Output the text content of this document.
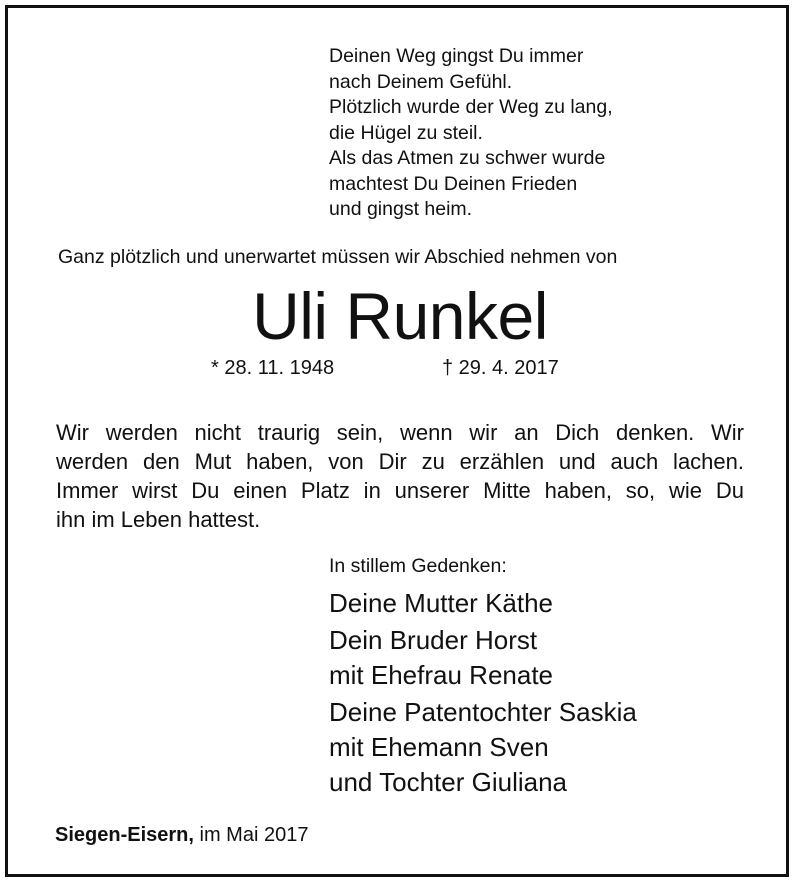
Deinen Weg gingst Du immer
nach Deinem Gefühl.
Plötzlich wurde der Weg zu lang,
die Hügel zu steil.
Als das Atmen zu schwer wurde
machtest Du Deinen Frieden
und gingst heim.
Ganz plötzlich und unerwartet müssen wir Abschied nehmen von
Uli Runkel
* 28. 11. 1948	† 29. 4. 2017
Wir werden nicht traurig sein, wenn wir an Dich denken. Wir
werden den Mut haben, von Dir zu erzählen und auch lachen.
Immer wirst Du einen Platz in unserer Mitte haben, so, wie Du
ihn im Leben hattest.
In stillem Gedenken:
Deine Mutter Käthe
Dein Bruder Horst
mit Ehefrau Renate
Deine Patentochter Saskia
mit Ehemann Sven
und Tochter Giuliana
Siegen-Eisern, im Mai 2017
